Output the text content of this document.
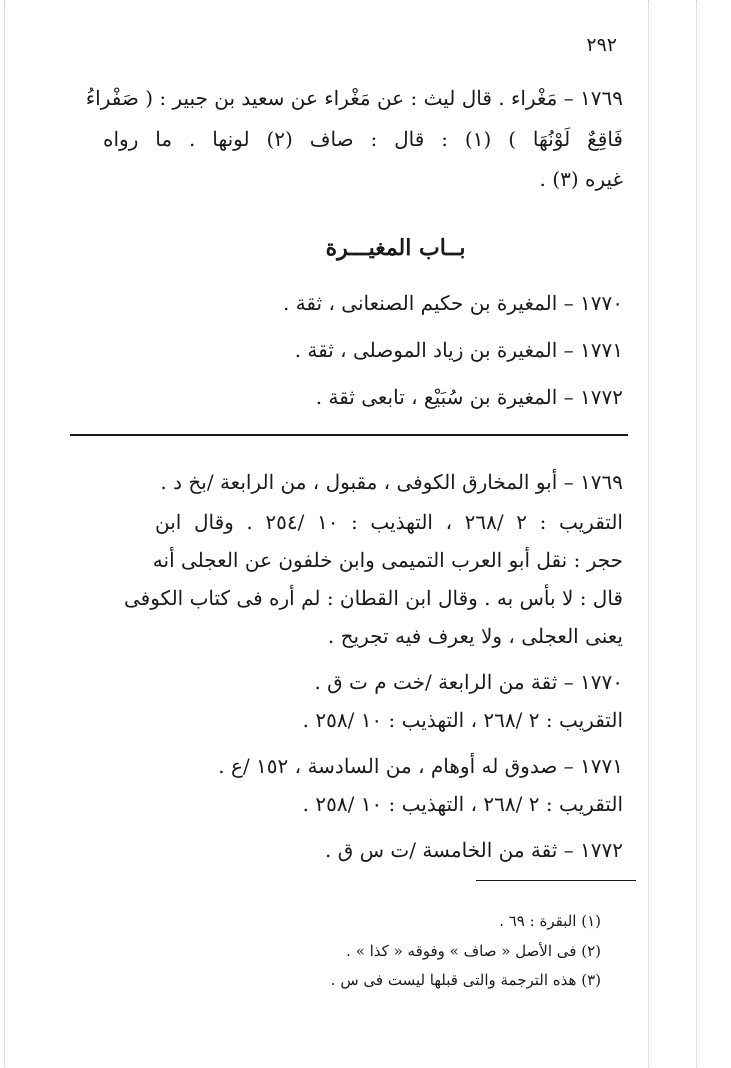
٢٩٢
١٧٦٩ – مَغْراء . قال ليث : عن مَغْراء عن سعيد بن جبير : ( صَفْراءُ
فَاقِعٌ لَوْنُهَا ) (١) : قال : صاف (٢) لونها . ما رواه
غيره (٣) .
بــاب المغيـــرة
١٧٧٠ – المغيرة بن حكيم الصنعانى ، ثقة .
١٧٧١ – المغيرة بن زياد الموصلى ، ثقة .
١٧٧٢ – المغيرة بن سُبَيْع ، تابعى ثقة .
١٧٦٩ – أبو المخارق الكوفى ، مقبول ، من الرابعة /بخ د .
التقريب : ٢ /٢٦٨ ، التهذيب : ١٠ /٢٥٤ . وقال ابن
حجر : نقل أبو العرب التميمى وابن خلفون عن العجلى أنه
قال : لا بأس به . وقال ابن القطان : لم أره فى كتاب الكوفى
يعنى العجلى ، ولا يعرف فيه تجريح .
١٧٧٠ – ثقة من الرابعة /خت م ت ق .
التقريب : ٢ /٢٦٨ ، التهذيب : ١٠ /٢٥٨ .
١٧٧١ – صدوق له أوهام ، من السادسة ، ١٥٢ /ع .
التقريب : ٢ /٢٦٨ ، التهذيب : ١٠ /٢٥٨ .
١٧٧٢ – ثقة من الخامسة /ت س ق .
(١) البقرة : ٦٩ .
(٢) فى الأصل « صاف » وفوقه « كذا » .
(٣) هذه الترجمة والتى قبلها ليست فى س .
